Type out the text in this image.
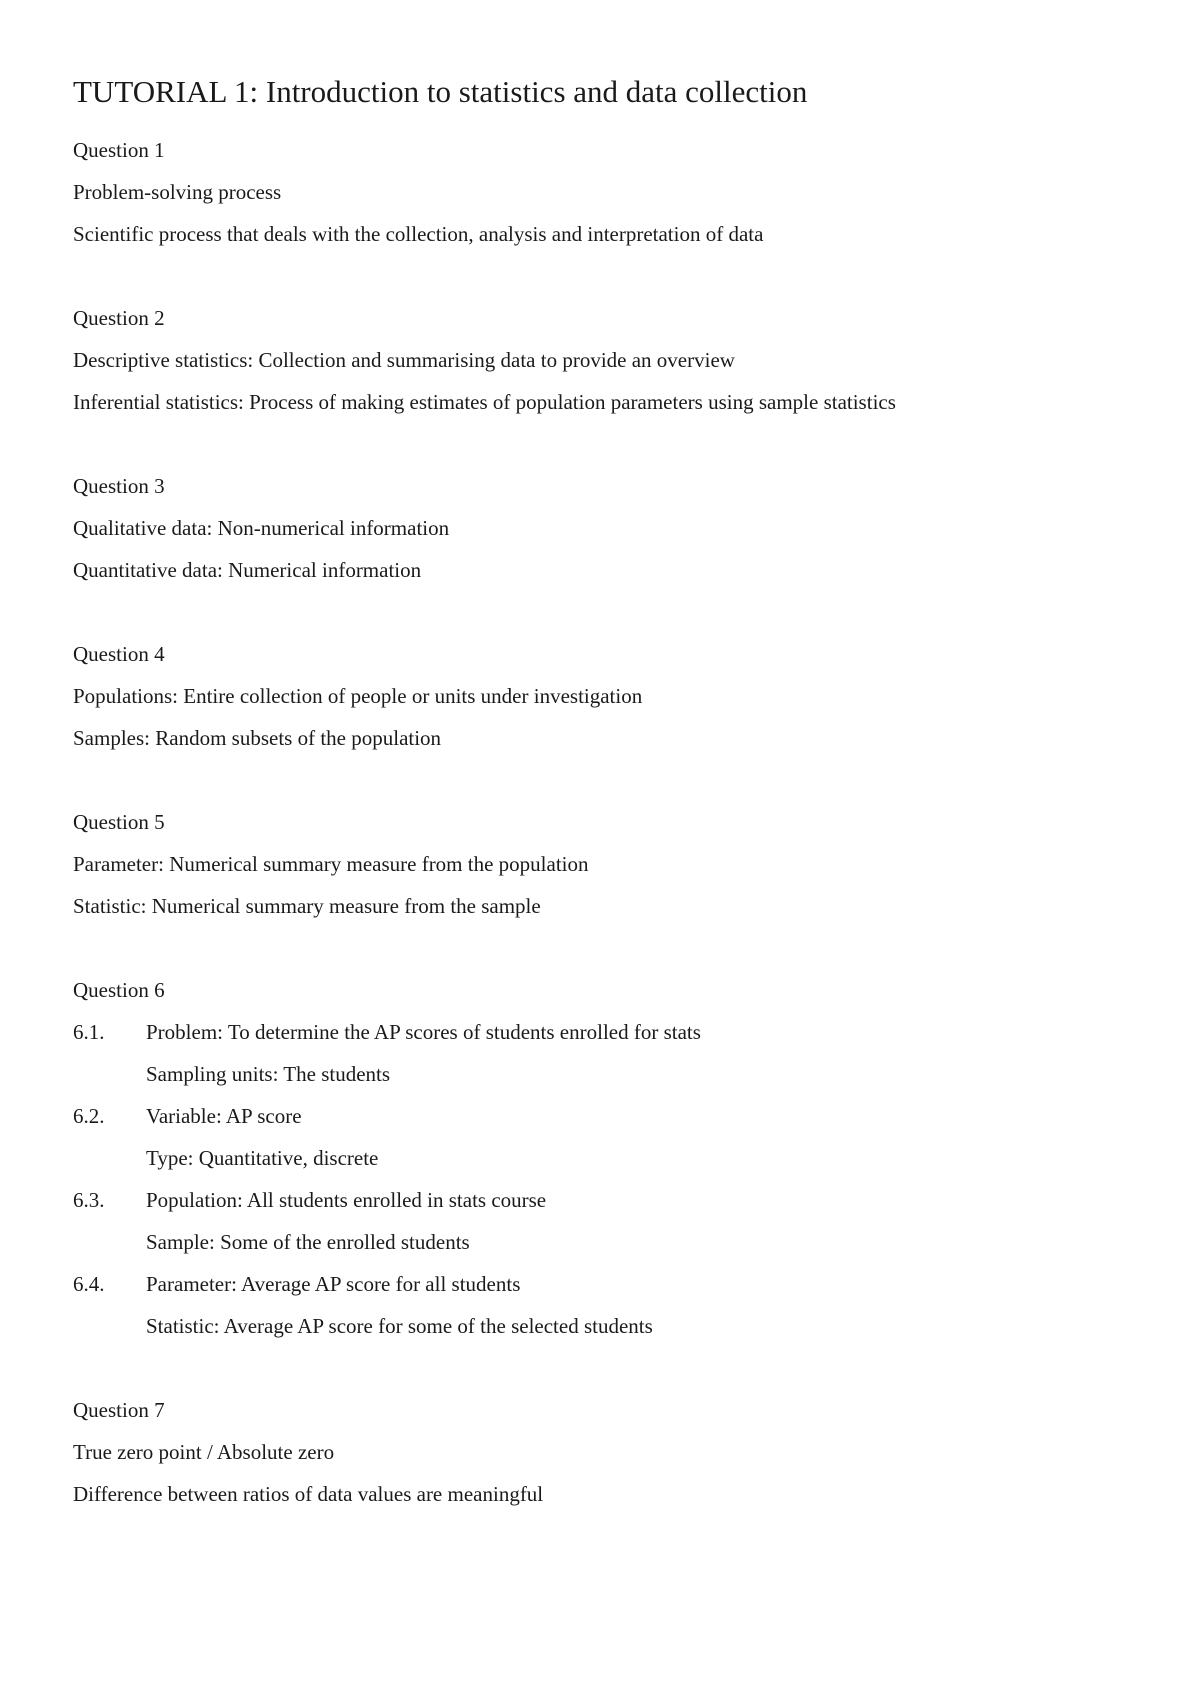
TUTORIAL 1: Introduction to statistics and data collection
Question 1
Problem-solving process
Scientific process that deals with the collection, analysis and interpretation of data
Question 2
Descriptive statistics: Collection and summarising data to provide an overview
Inferential statistics: Process of making estimates of population parameters using sample statistics
Question 3
Qualitative data: Non-numerical information
Quantitative data: Numerical information
Question 4
Populations: Entire collection of people or units under investigation
Samples: Random subsets of the population
Question 5
Parameter: Numerical summary measure from the population
Statistic: Numerical summary measure from the sample
Question 6
6.1.	Problem: To determine the AP scores of students enrolled for stats
Sampling units: The students
6.2.	Variable: AP score
Type: Quantitative, discrete
6.3.	Population: All students enrolled in stats course
Sample: Some of the enrolled students
6.4.	Parameter: Average AP score for all students
Statistic: Average AP score for some of the selected students
Question 7
True zero point / Absolute zero
Difference between ratios of data values are meaningful
